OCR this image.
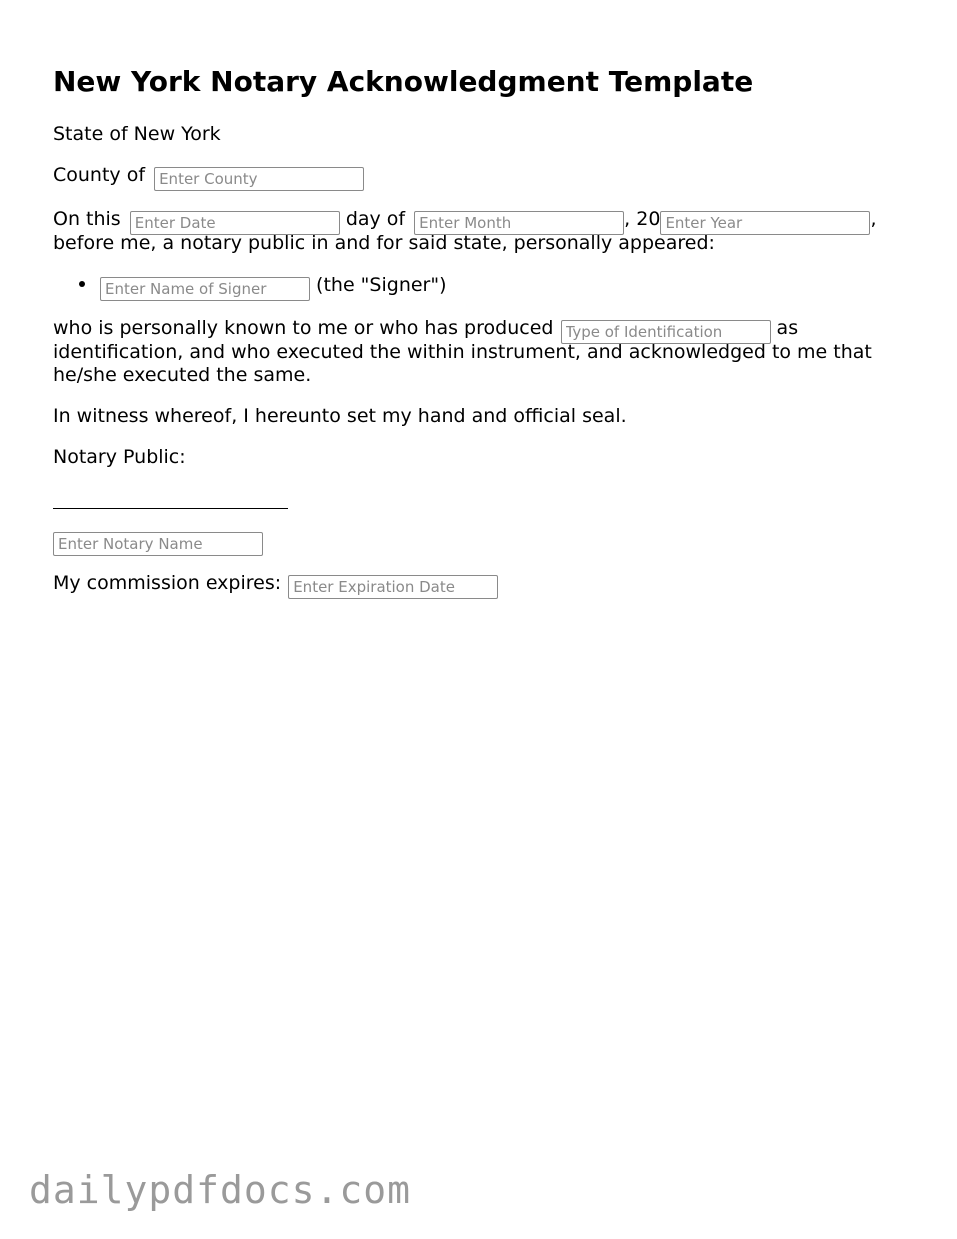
New York Notary Acknowledgment Template
State of New York
County of Enter County
On this Enter Date	day of Enter Month	, 20Enter Year	,
before me, a notary public in and for said state, personally appeared:
Enter Name of Signer (the "Signer")
who is personally known to me or who has produced Type of Identification	as
identification, and who executed the within instrument, and acknowledged to me that
he/she executed the same.
In witness whereof, I hereunto set my hand and official seal.
Notary Public:
Enter Notary Name
My commission expires: Enter Expiration Date
dailypdfdocs.com
